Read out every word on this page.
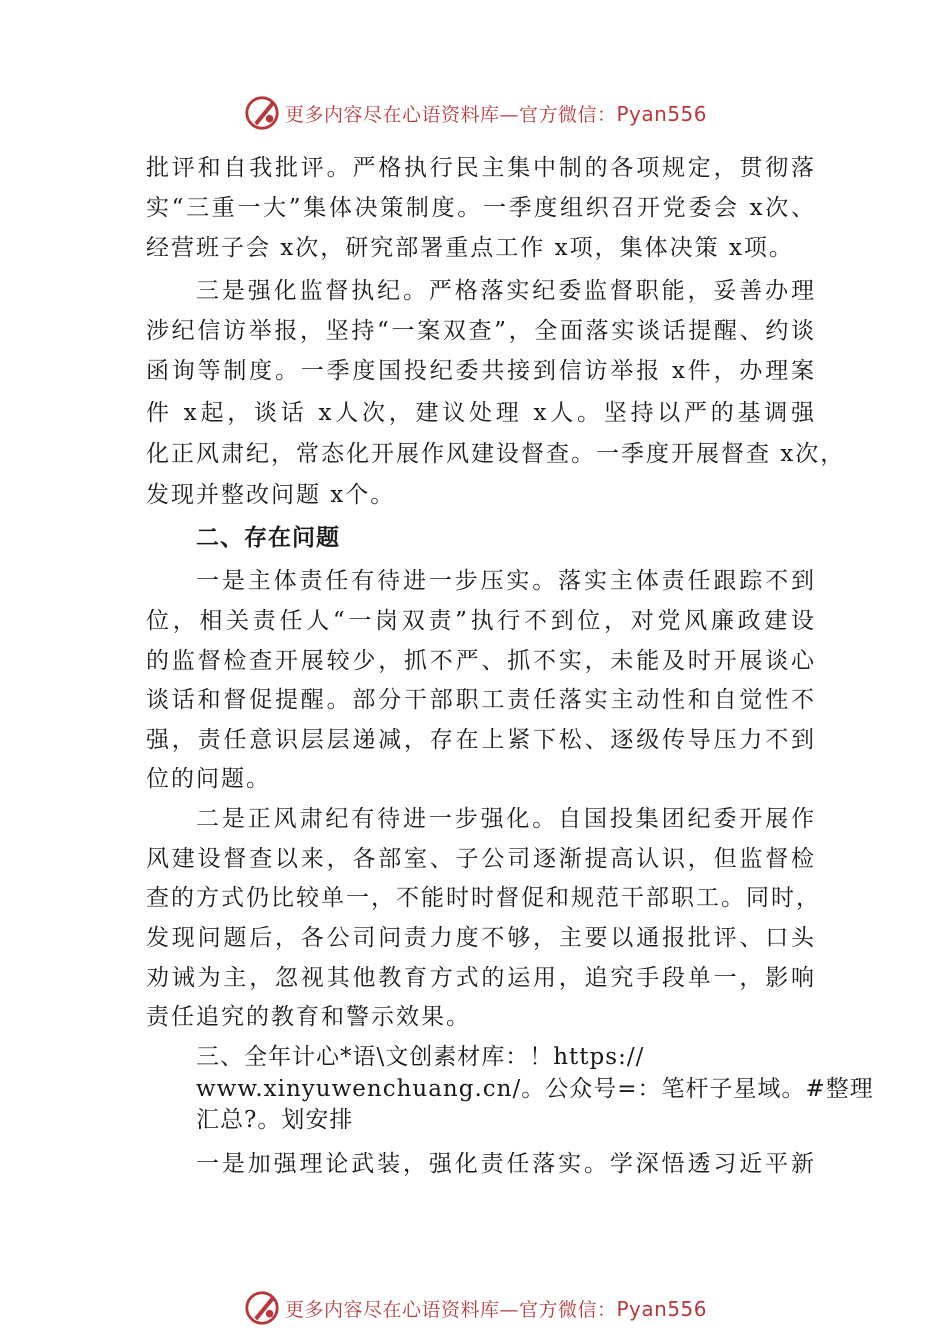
更多内容尽在心语资料库—官方微信：Pyan556
批评和自我批评。严格执行民主集中制的各项规定，贯彻落
实“三重一大”集体决策制度。一季度组织召开党委会 x次、
经营班子会 x次，研究部署重点工作 x项，集体决策 x项。
三是强化监督执纪。严格落实纪委监督职能，妥善办理
涉纪信访举报，坚持“一案双查”，全面落实谈话提醒、约谈
函询等制度。一季度国投纪委共接到信访举报 x件，办理案
件 x起，谈话 x人次，建议处理 x人。坚持以严的基调强
化正风肃纪，常态化开展作风建设督查。一季度开展督查 x次，
发现并整改问题 x个。
二、存在问题
一是主体责任有待进一步压实。落实主体责任跟踪不到
位，相关责任人“一岗双责”执行不到位，对党风廉政建设
的监督检查开展较少，抓不严、抓不实，未能及时开展谈心
谈话和督促提醒。部分干部职工责任落实主动性和自觉性不
强，责任意识层层递减，存在上紧下松、逐级传导压力不到
位的问题。
二是正风肃纪有待进一步强化。自国投集团纪委开展作
风建设督查以来，各部室、子公司逐渐提高认识，但监督检
查的方式仍比较单一，不能时时督促和规范干部职工。同时，
发现问题后，各公司问责力度不够，主要以通报批评、口头
劝诫为主，忽视其他教育方式的运用，追究手段单一，影响
责任追究的教育和警示效果。
三、全年计心*语\文创素材库：！https://
www.xinyuwenchuang.cn/。公众号=：笔杆子星域。#整理
汇总?。划安排
一是加强理论武装，强化责任落实。学深悟透习近平新
更多内容尽在心语资料库—官方微信：Pyan556
